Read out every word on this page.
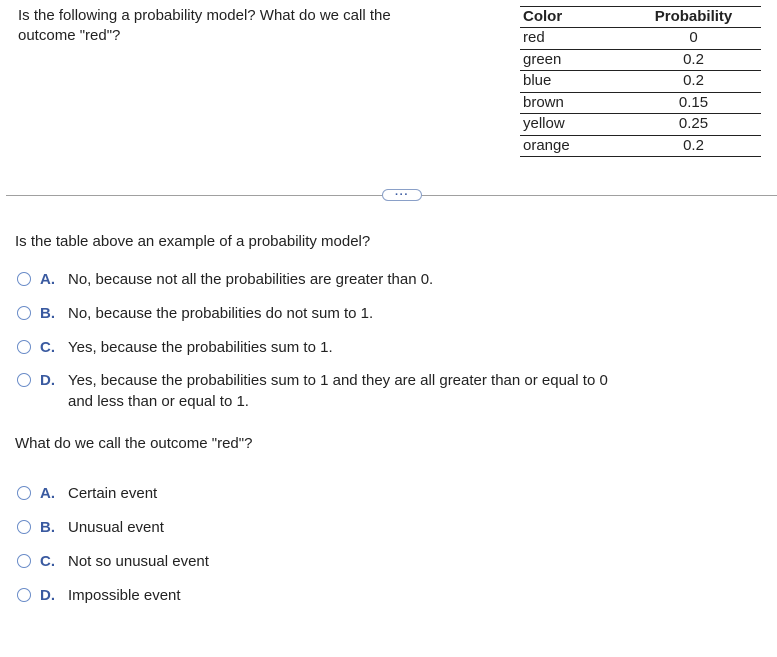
Is the following a probability model? What do we call the outcome "red"?
Color	Probability
red	0
green	0.2
blue	0.2
brown	0.15
yellow	0.25
orange	0.2
···
Is the table above an example of a probability model?
A. No, because not all the probabilities are greater than 0.
B. No, because the probabilities do not sum to 1.
C. Yes, because the probabilities sum to 1.
D. Yes, because the probabilities sum to 1 and they are all greater than or equal to 0 and less than or equal to 1.
What do we call the outcome "red"?
A. Certain event
B. Unusual event
C. Not so unusual event
D. Impossible event
